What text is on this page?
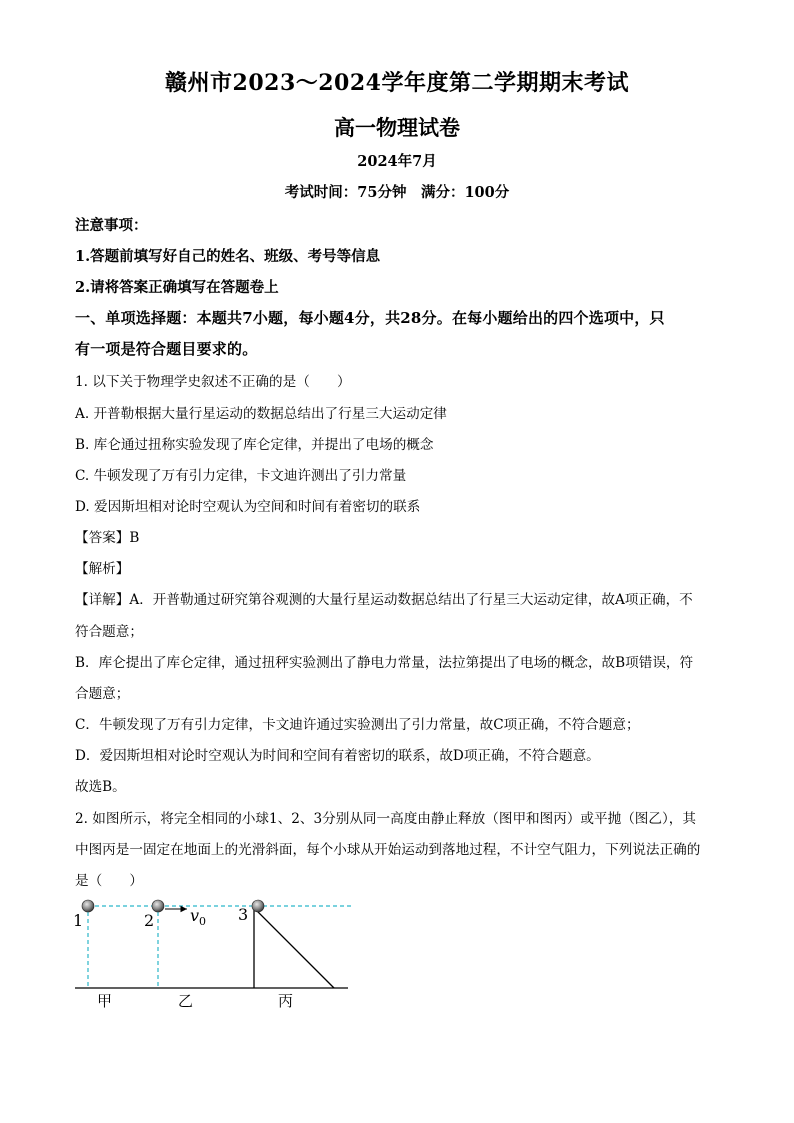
赣州市2023～2024学年度第二学期期末考试
高一物理试卷
2024年7月
考试时间：75分钟　满分：100分
注意事项：
1.答题前填写好自己的姓名、班级、考号等信息
2.请将答案正确填写在答题卷上
一、单项选择题：本题共7小题，每小题4分，共28分。在每小题给出的四个选项中，只
有一项是符合题目要求的。
1. 以下关于物理学史叙述不正确的是（　　）
A. 开普勒根据大量行星运动的数据总结出了行星三大运动定律
B. 库仑通过扭称实验发现了库仑定律，并提出了电场的概念
C. 牛顿发现了万有引力定律，卡文迪许测出了引力常量
D. 爱因斯坦相对论时空观认为空间和时间有着密切的联系
【答案】B
【解析】
【详解】A．开普勒通过研究第谷观测的大量行星运动数据总结出了行星三大运动定律，故A项正确，不
符合题意；
B．库仑提出了库仑定律，通过扭秤实验测出了静电力常量，法拉第提出了电场的概念，故B项错误，符
合题意；
C．牛顿发现了万有引力定律，卡文迪许通过实验测出了引力常量，故C项正确，不符合题意；
D．爱因斯坦相对论时空观认为时间和空间有着密切的联系，故D项正确，不符合题意。
故选B。
2. 如图所示，将完全相同的小球1、2、3分别从同一高度由静止释放（图甲和图丙）或平抛（图乙），其
中图丙是一固定在地面上的光滑斜面，每个小球从开始运动到落地过程，不计空气阻力，下列说法正确的
是（　　）
1	2	3
$v_0$
甲	乙	丙
